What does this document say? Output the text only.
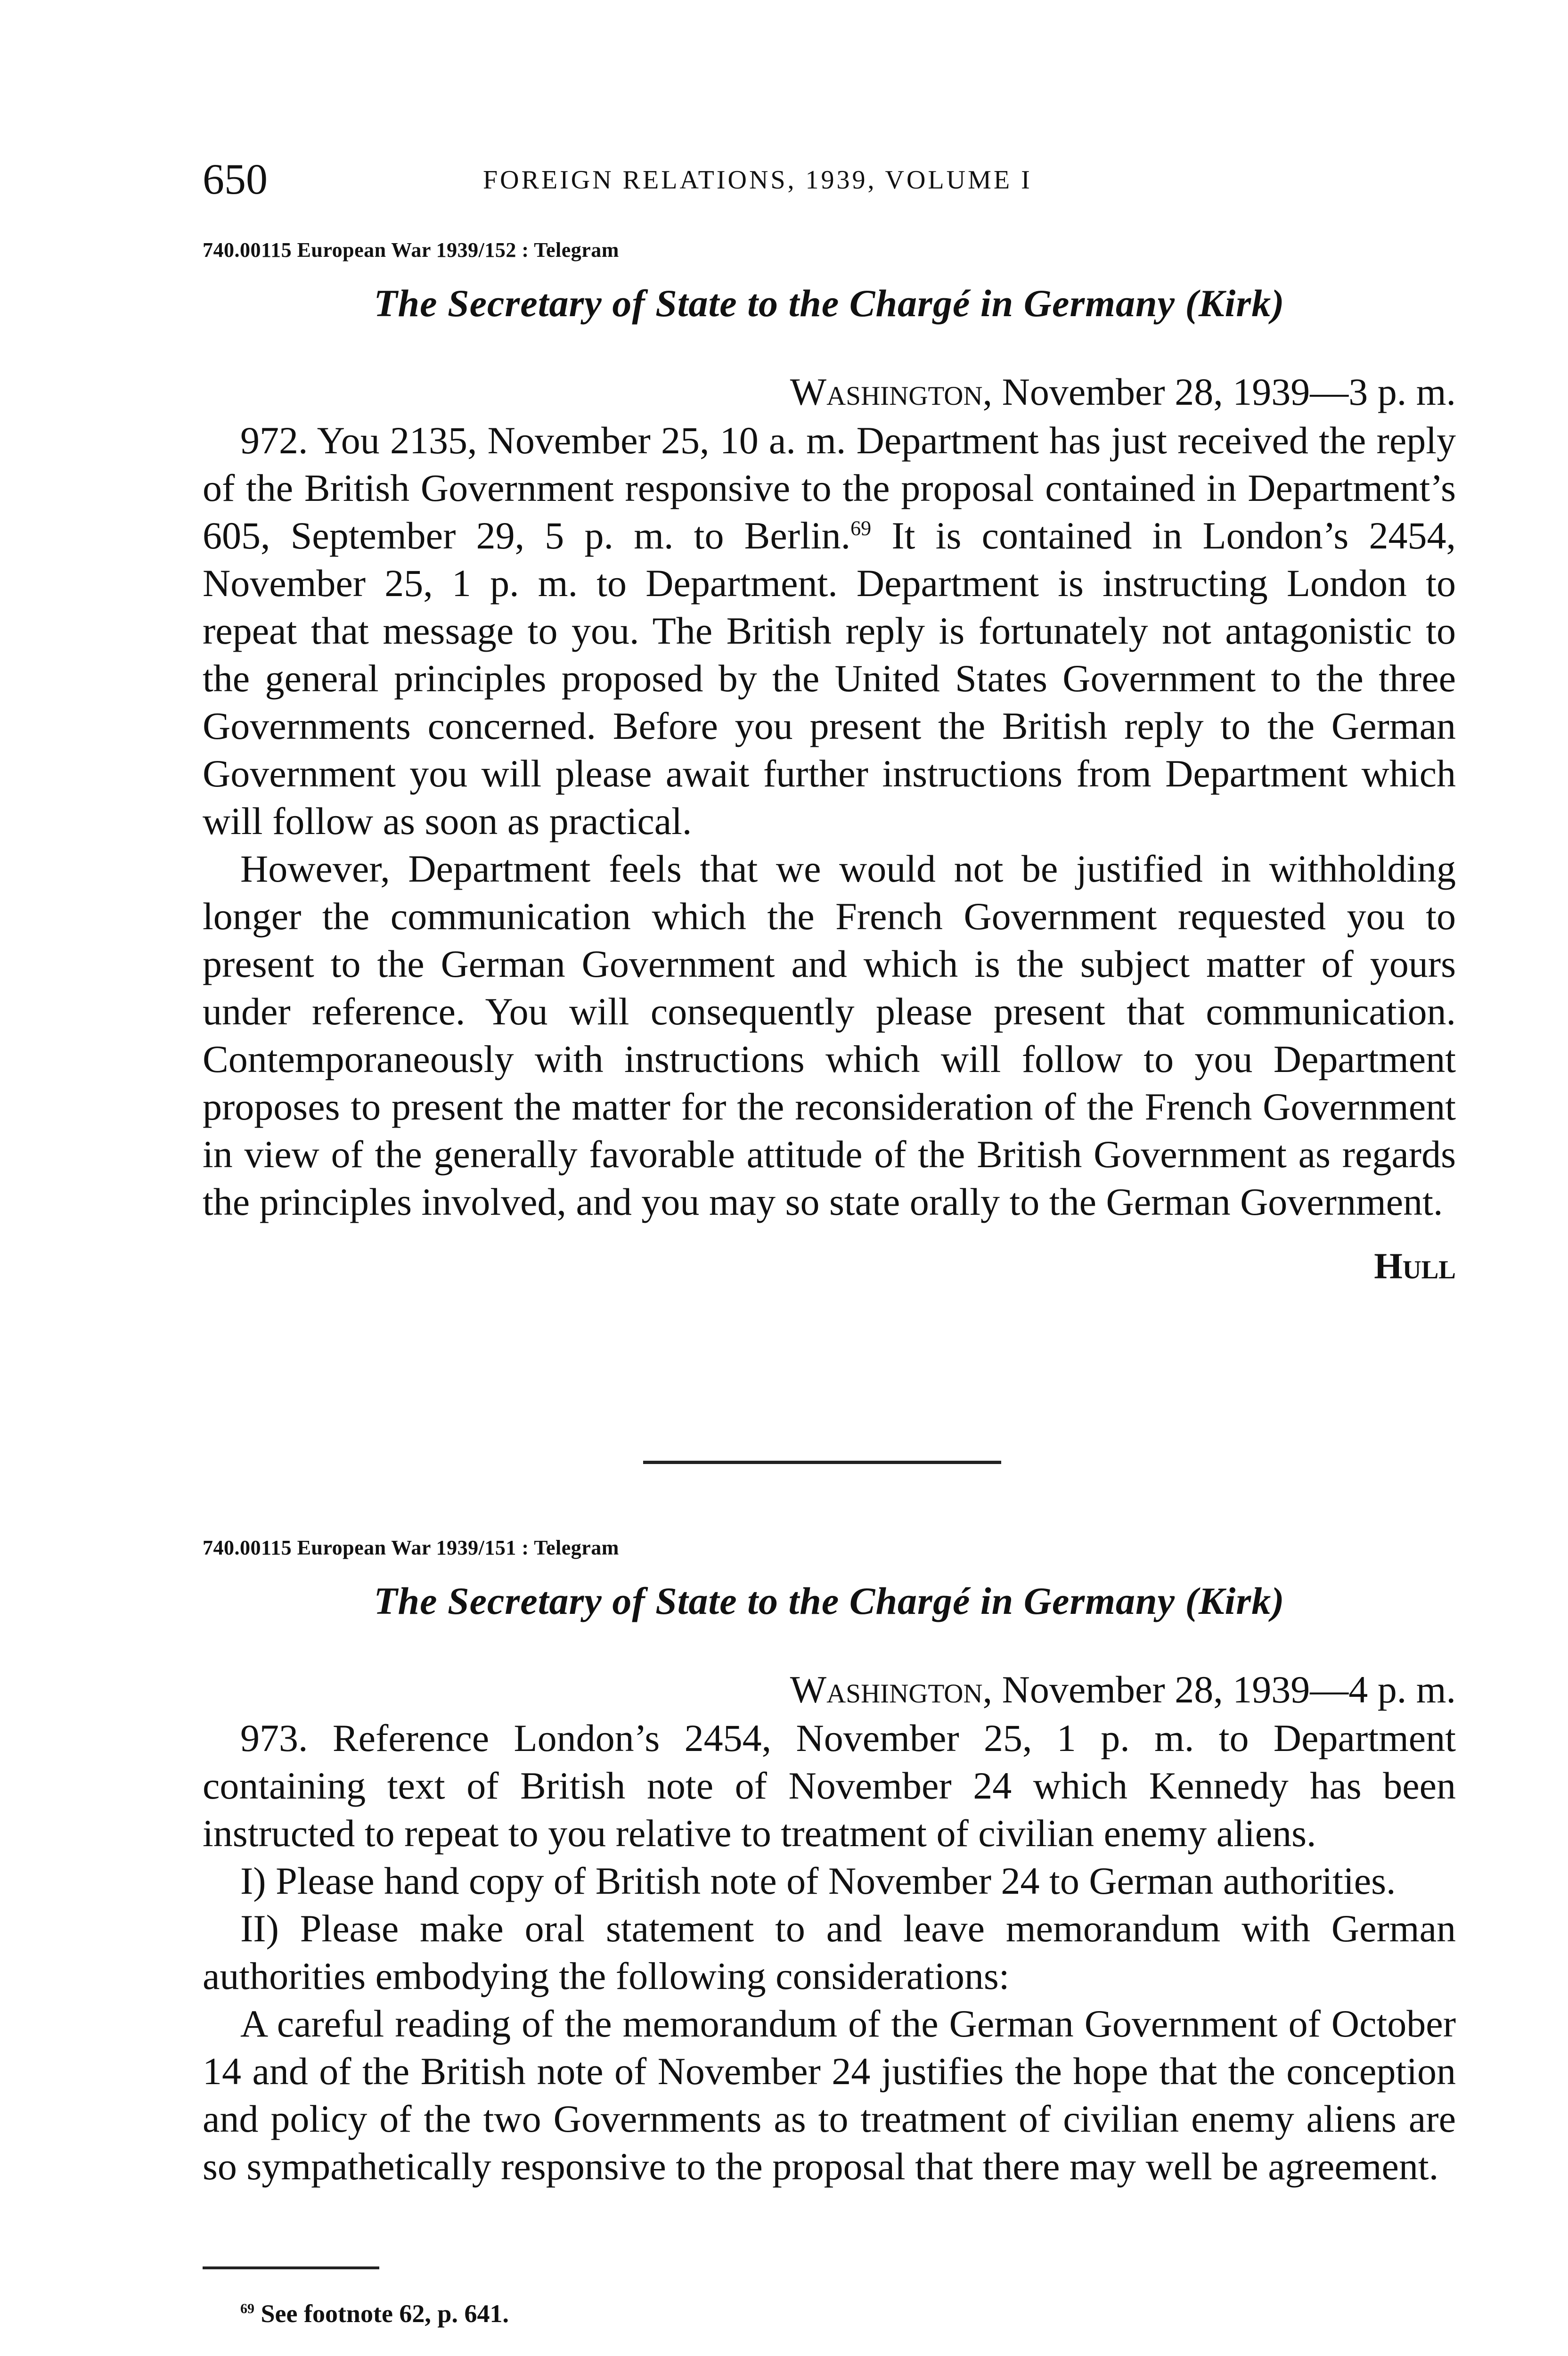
650	FOREIGN RELATIONS, 1939, VOLUME I

740.00115 European War 1939/152 : Telegram

The Secretary of State to the Chargé in Germany (Kirk)

Washington, November 28, 1939—3 p. m.

972. You 2135, November 25, 10 a. m. Department has just received the reply of the British Government responsive to the proposal contained in Department’s 605, September 29, 5 p. m. to Berlin.$^{69}$ It is contained in London’s 2454, November 25, 1 p. m. to Department. Department is instructing London to repeat that message to you. The British reply is fortunately not antagonistic to the general principles proposed by the United States Government to the three Governments concerned. Before you present the British reply to the German Government you will please await further instructions from Department which will follow as soon as practical.

However, Department feels that we would not be justified in withholding longer the communication which the French Government requested you to present to the German Government and which is the subject matter of yours under reference. You will consequently please present that communication. Contemporaneously with instructions which will follow to you Department proposes to present the matter for the reconsideration of the French Government in view of the generally favorable attitude of the British Government as regards the principles involved, and you may so state orally to the German Government.

Hull

740.00115 European War 1939/151 : Telegram

The Secretary of State to the Chargé in Germany (Kirk)

Washington, November 28, 1939—4 p. m.

973. Reference London’s 2454, November 25, 1 p. m. to Department containing text of British note of November 24 which Kennedy has been instructed to repeat to you relative to treatment of civilian enemy aliens.

I) Please hand copy of British note of November 24 to German authorities.

II) Please make oral statement to and leave memorandum with German authorities embodying the following considerations:

A careful reading of the memorandum of the German Government of October 14 and of the British note of November 24 justifies the hope that the conception and policy of the two Governments as to treatment of civilian enemy aliens are so sympathetically responsive to the proposal that there may well be agreement.

$^{69}$ See footnote 62, p. 641.
